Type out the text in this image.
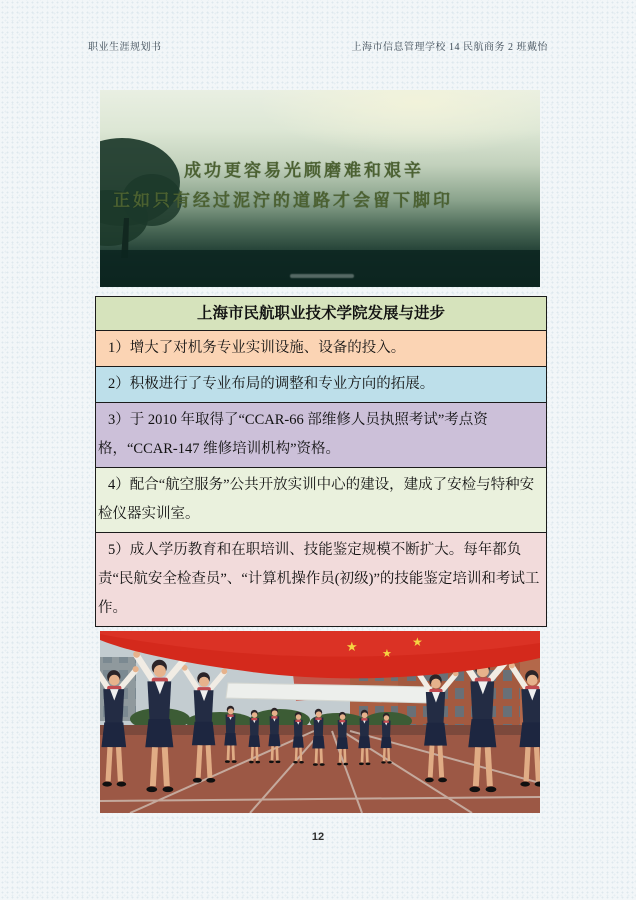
职业生涯规划书	上海市信息管理学校 14 民航商务 2 班戴怡
成功更容易光顾磨难和艰辛
正如只有经过泥泞的道路才会留下脚印
上海市民航职业技术学院发展与进步
1）增大了对机务专业实训设施、设备的投入。
2）积极进行了专业布局的调整和专业方向的拓展。
3）于 2010 年取得了“CCAR-66 部维修人员执照考试”考点资格，“CCAR-147 维修培训机构”资格。
4）配合“航空服务”公共开放实训中心的建设，建成了安检与特种安检仪器实训室。
5）成人学历教育和在职培训、技能鉴定规模不断扩大。每年都负责“民航安全检查员”、“计算机操作员(初级)”的技能鉴定培训和考试工作。
★ ★
★
12
